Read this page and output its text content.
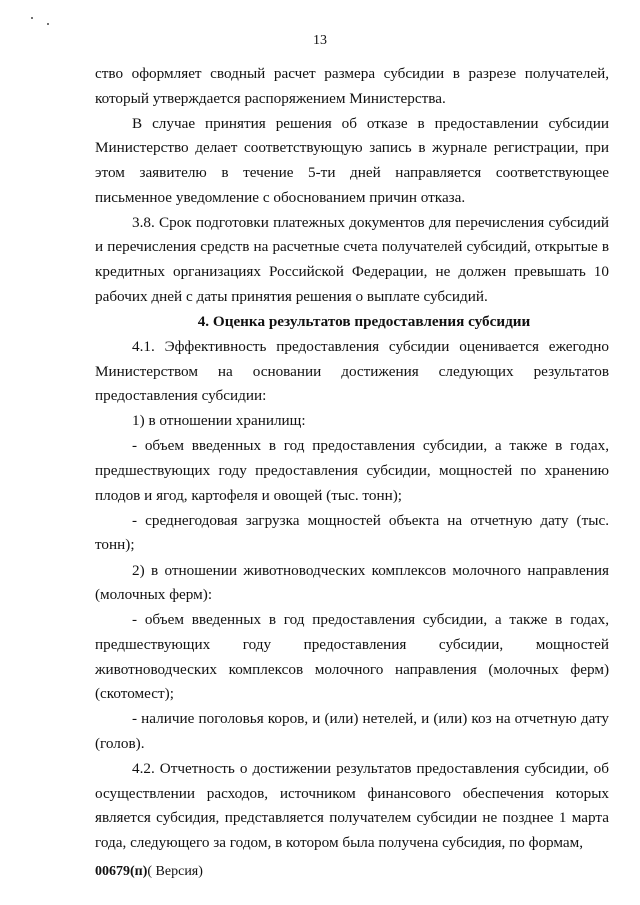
13

ство оформляет сводный расчет размера субсидии в разрезе получателей, который утверждается распоряжением Министерства.

В случае принятия решения об отказе в предоставлении субсидии Министерство делает соответствующую запись в журнале регистрации, при этом заявителю в течение 5-ти дней направляется соответствующее письменное уведомление с обоснованием причин отказа.

3.8. Срок подготовки платежных документов для перечисления субсидий и перечисления средств на расчетные счета получателей субсидий, открытые в кредитных организациях Российской Федерации, не должен превышать 10 рабочих дней с даты принятия решения о выплате субсидий.

4. Оценка результатов предоставления субсидии

4.1. Эффективность предоставления субсидии оценивается ежегодно Министерством на основании достижения следующих результатов предоставления субсидии:

1) в отношении хранилищ:

- объем введенных в год предоставления субсидии, а также в годах, предшествующих году предоставления субсидии, мощностей по хранению плодов и ягод, картофеля и овощей (тыс. тонн);

- среднегодовая загрузка мощностей объекта на отчетную дату (тыс. тонн);

2) в отношении животноводческих комплексов молочного направления (молочных ферм):

- объем введенных в год предоставления субсидии, а также в годах, предшествующих году предоставления субсидии, мощностей животноводческих комплексов молочного направления (молочных ферм) (скотомест);

- наличие поголовья коров, и (или) нетелей, и (или) коз на отчетную дату (голов).

4.2. Отчетность о достижении результатов предоставления субсидии, об осуществлении расходов, источником финансового обеспечения которых является субсидия, представляется получателем субсидии не позднее 1 марта года, следующего за годом, в котором была получена субсидия, по формам,

00679(п)( Версия)
